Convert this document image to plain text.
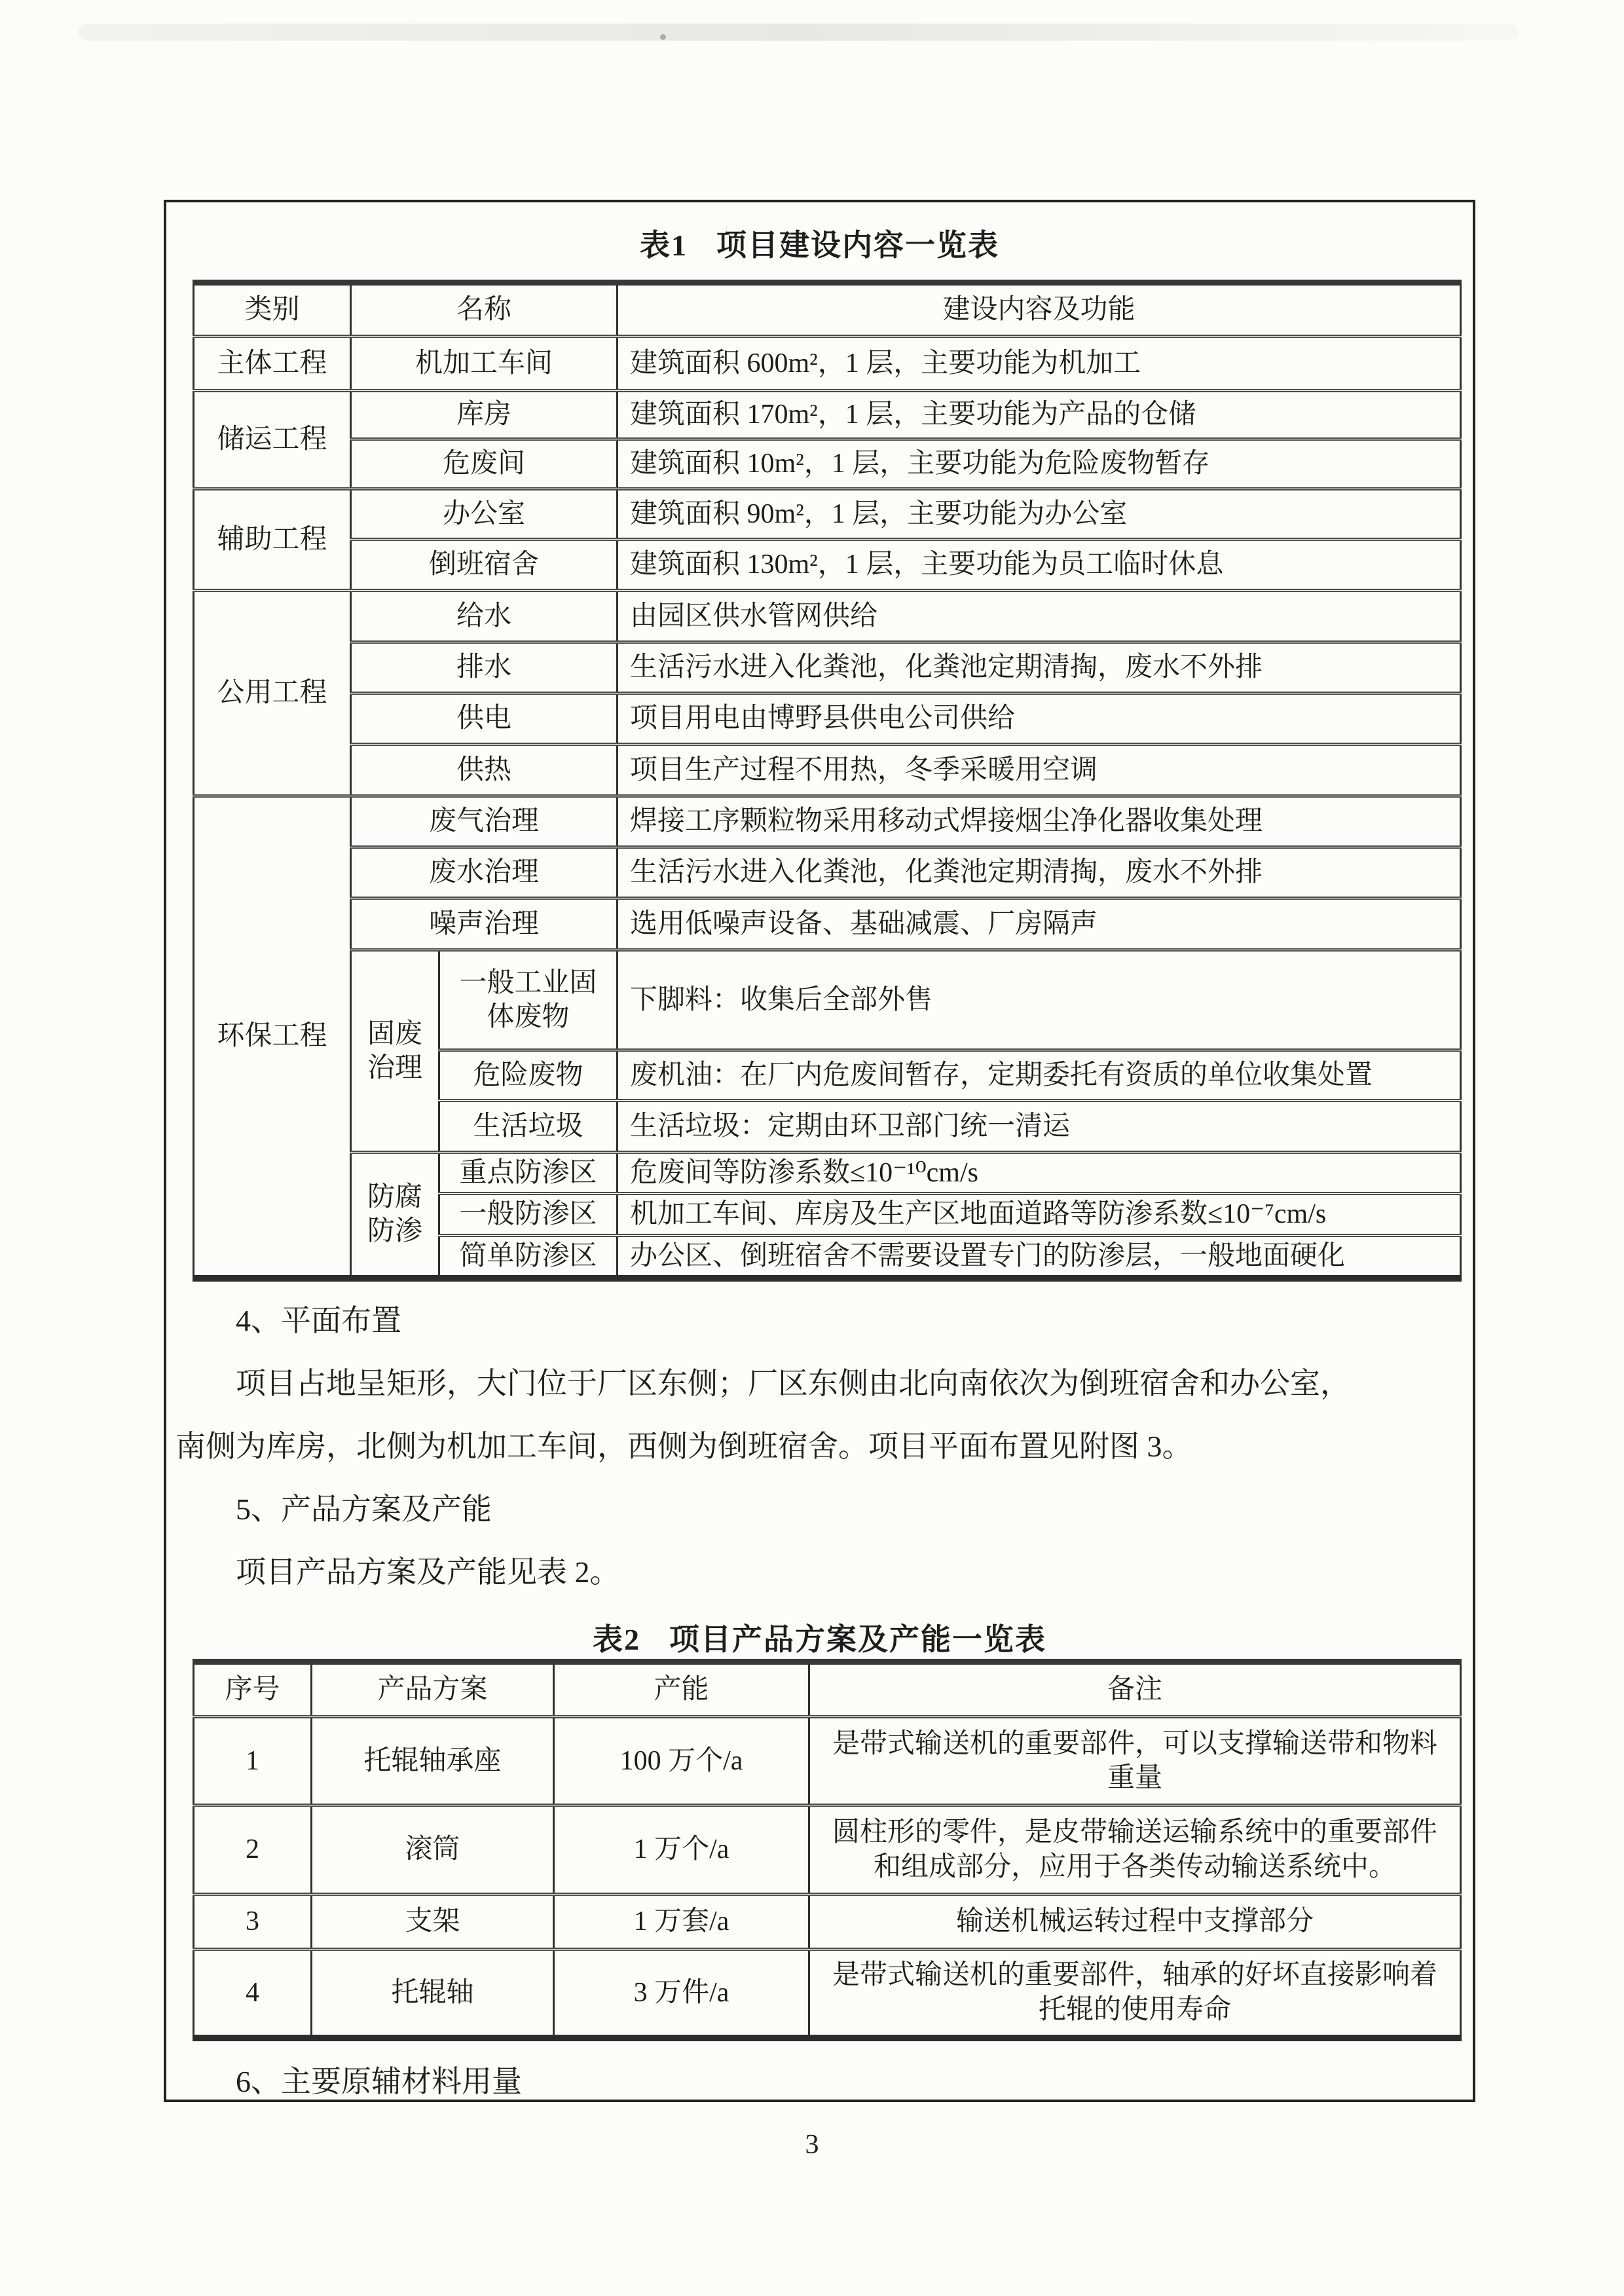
表1 项目建设内容一览表
类别	名称		建设内容及功能
主体工程	机加工车间		建筑面积 600m²，1 层，主要功能为机加工
储运工程	库房		建筑面积 170m²，1 层，主要功能为产品的仓储
	危废间		建筑面积 10m²，1 层，主要功能为危险废物暂存
辅助工程	办公室		建筑面积 90m²，1 层，主要功能为办公室
	倒班宿舍		建筑面积 130m²，1 层，主要功能为员工临时休息
公用工程	给水		由园区供水管网供给
	排水		生活污水进入化粪池，化粪池定期清掏，废水不外排
	供电		项目用电由博野县供电公司供给
	供热		项目生产过程不用热，冬季采暖用空调
环保工程	废气治理		焊接工序颗粒物采用移动式焊接烟尘净化器收集处理
	废水治理		生活污水进入化粪池，化粪池定期清掏，废水不外排
	噪声治理		选用低噪声设备、基础减震、厂房隔声
	固废治理	一般工业固体废物	下脚料：收集后全部外售
		危险废物	废机油：在厂内危废间暂存，定期委托有资质的单位收集处置
		生活垃圾	生活垃圾：定期由环卫部门统一清运
	防腐防渗	重点防渗区	危废间等防渗系数≤10⁻¹⁰cm/s
		一般防渗区	机加工车间、库房及生产区地面道路等防渗系数≤10⁻⁷cm/s
		简单防渗区	办公区、倒班宿舍不需要设置专门的防渗层，一般地面硬化

4、平面布置

项目占地呈矩形，大门位于厂区东侧；厂区东侧由北向南依次为倒班宿舍和办公室，

南侧为库房，北侧为机加工车间，西侧为倒班宿舍。项目平面布置见附图 3。

5、产品方案及产能

项目产品方案及产能见表 2。

表2 项目产品方案及产能一览表
序号	产品方案	产能	备注
1	托辊轴承座	100 万个/a	是带式输送机的重要部件，可以支撑输送带和物料重量
2	滚筒	1 万个/a	圆柱形的零件，是皮带输送运输系统中的重要部件和组成部分，应用于各类传动输送系统中。
3	支架	1 万套/a	输送机械运转过程中支撑部分
4	托辊轴	3 万件/a	是带式输送机的重要部件，轴承的好坏直接影响着托辊的使用寿命

6、主要原辅材料用量

3
